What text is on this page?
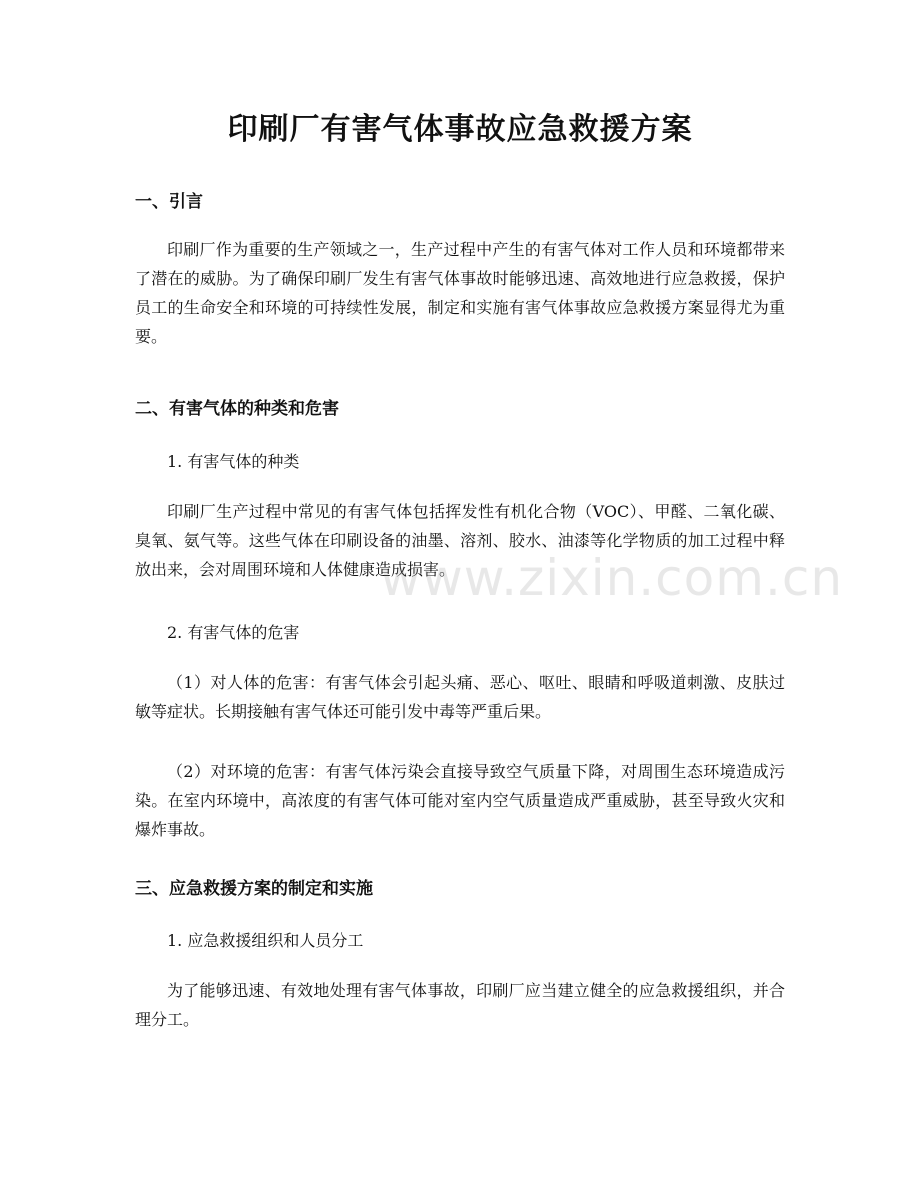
印刷厂有害气体事故应急救援方案
一、引言

印刷厂作为重要的生产领域之一，生产过程中产生的有害气体对工作人员和环境都带来了潜在的威胁。为了确保印刷厂发生有害气体事故时能够迅速、高效地进行应急救援，保护员工的生命安全和环境的可持续性发展，制定和实施有害气体事故应急救援方案显得尤为重要。

二、有害气体的种类和危害

1. 有害气体的种类

印刷厂生产过程中常见的有害气体包括挥发性有机化合物（VOC）、甲醛、二氧化碳、臭氧、氨气等。这些气体在印刷设备的油墨、溶剂、胶水、油漆等化学物质的加工过程中释放出来，会对周围环境和人体健康造成损害。

2. 有害气体的危害

（1）对人体的危害：有害气体会引起头痛、恶心、呕吐、眼睛和呼吸道刺激、皮肤过敏等症状。长期接触有害气体还可能引发中毒等严重后果。

（2）对环境的危害：有害气体污染会直接导致空气质量下降，对周围生态环境造成污染。在室内环境中，高浓度的有害气体可能对室内空气质量造成严重威胁，甚至导致火灾和爆炸事故。

三、应急救援方案的制定和实施

1. 应急救援组织和人员分工

为了能够迅速、有效地处理有害气体事故，印刷厂应当建立健全的应急救援组织，并合理分工。

www.zixin.com.cn
